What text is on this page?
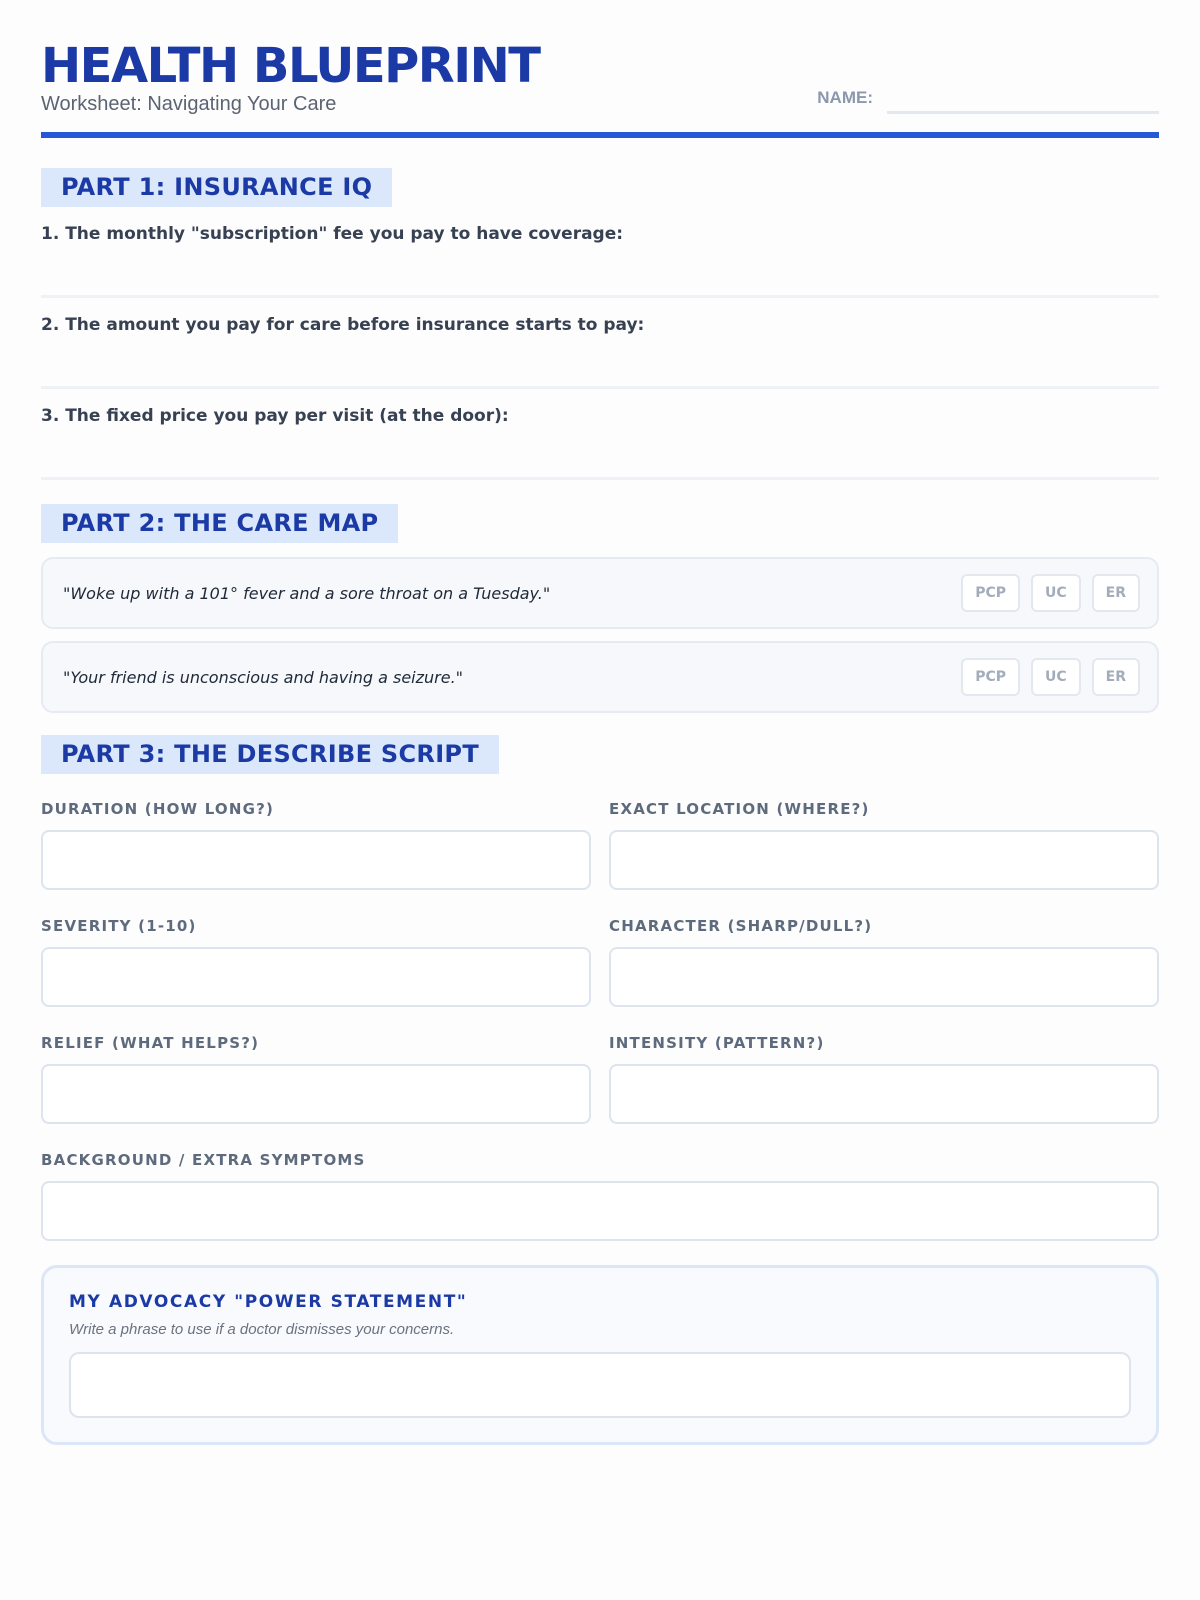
HEALTH BLUEPRINT
Worksheet: Navigating Your Care	NAME:
PART 1: INSURANCE IQ
1. The monthly "subscription" fee you pay to have coverage:
2. The amount you pay for care before insurance starts to pay:
3. The fixed price you pay per visit (at the door):
PART 2: THE CARE MAP
"Woke up with a 101° fever and a sore throat on a Tuesday."	PCP	UC	ER
"Your friend is unconscious and having a seizure."	PCP	UC	ER
PART 3: THE DESCRIBE SCRIPT
DURATION (HOW LONG?)	EXACT LOCATION (WHERE?)
SEVERITY (1-10)	CHARACTER (SHARP/DULL?)
RELIEF (WHAT HELPS?)	INTENSITY (PATTERN?)
BACKGROUND / EXTRA SYMPTOMS
MY ADVOCACY "POWER STATEMENT"
Write a phrase to use if a doctor dismisses your concerns.
